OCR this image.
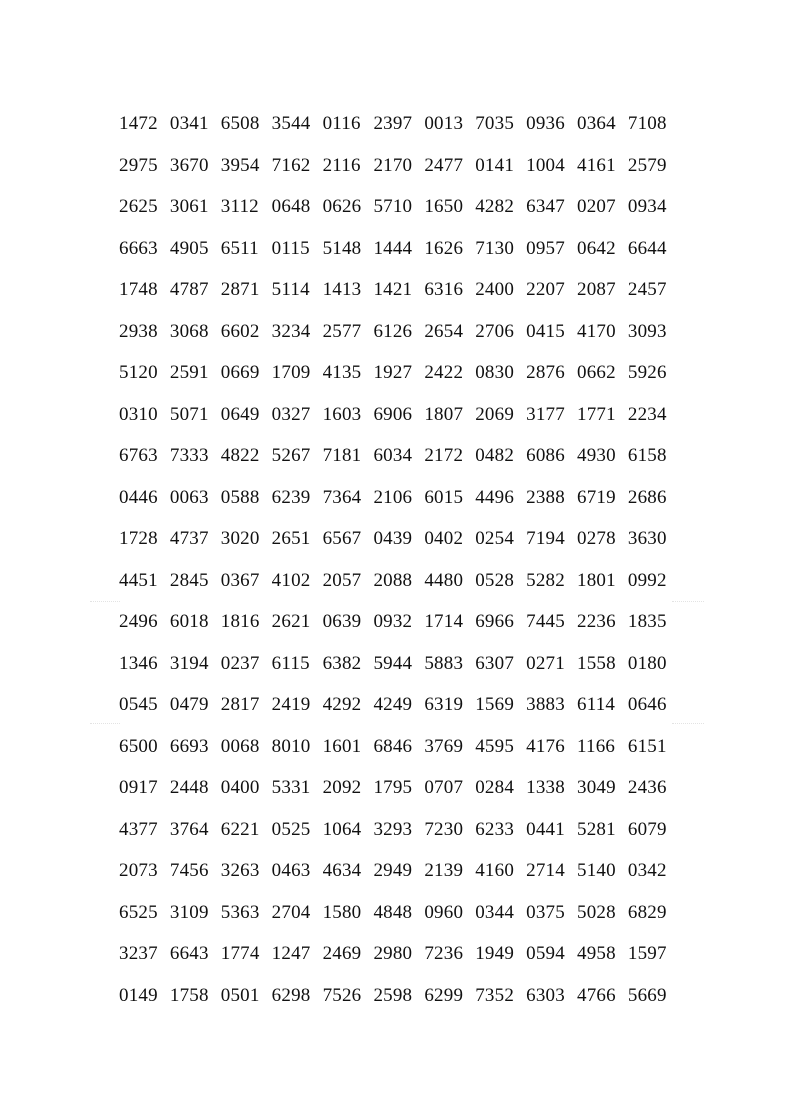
1472 0341 6508 3544 0116 2397 0013 7035 0936 0364 7108
2975 3670 3954 7162 2116 2170 2477 0141 1004 4161 2579
2625 3061 3112 0648 0626 5710 1650 4282 6347 0207 0934
6663 4905 6511 0115 5148 1444 1626 7130 0957 0642 6644
1748 4787 2871 5114 1413 1421 6316 2400 2207 2087 2457
2938 3068 6602 3234 2577 6126 2654 2706 0415 4170 3093
5120 2591 0669 1709 4135 1927 2422 0830 2876 0662 5926
0310 5071 0649 0327 1603 6906 1807 2069 3177 1771 2234
6763 7333 4822 5267 7181 6034 2172 0482 6086 4930 6158
0446 0063 0588 6239 7364 2106 6015 4496 2388 6719 2686
1728 4737 3020 2651 6567 0439 0402 0254 7194 0278 3630
4451 2845 0367 4102 2057 2088 4480 0528 5282 1801 0992
2496 6018 1816 2621 0639 0932 1714 6966 7445 2236 1835
1346 3194 0237 6115 6382 5944 5883 6307 0271 1558 0180
0545 0479 2817 2419 4292 4249 6319 1569 3883 6114 0646
6500 6693 0068 8010 1601 6846 3769 4595 4176 1166 6151
0917 2448 0400 5331 2092 1795 0707 0284 1338 3049 2436
4377 3764 6221 0525 1064 3293 7230 6233 0441 5281 6079
2073 7456 3263 0463 4634 2949 2139 4160 2714 5140 0342
6525 3109 5363 2704 1580 4848 0960 0344 0375 5028 6829
3237 6643 1774 1247 2469 2980 7236 1949 0594 4958 1597
0149 1758 0501 6298 7526 2598 6299 7352 6303 4766 5669
